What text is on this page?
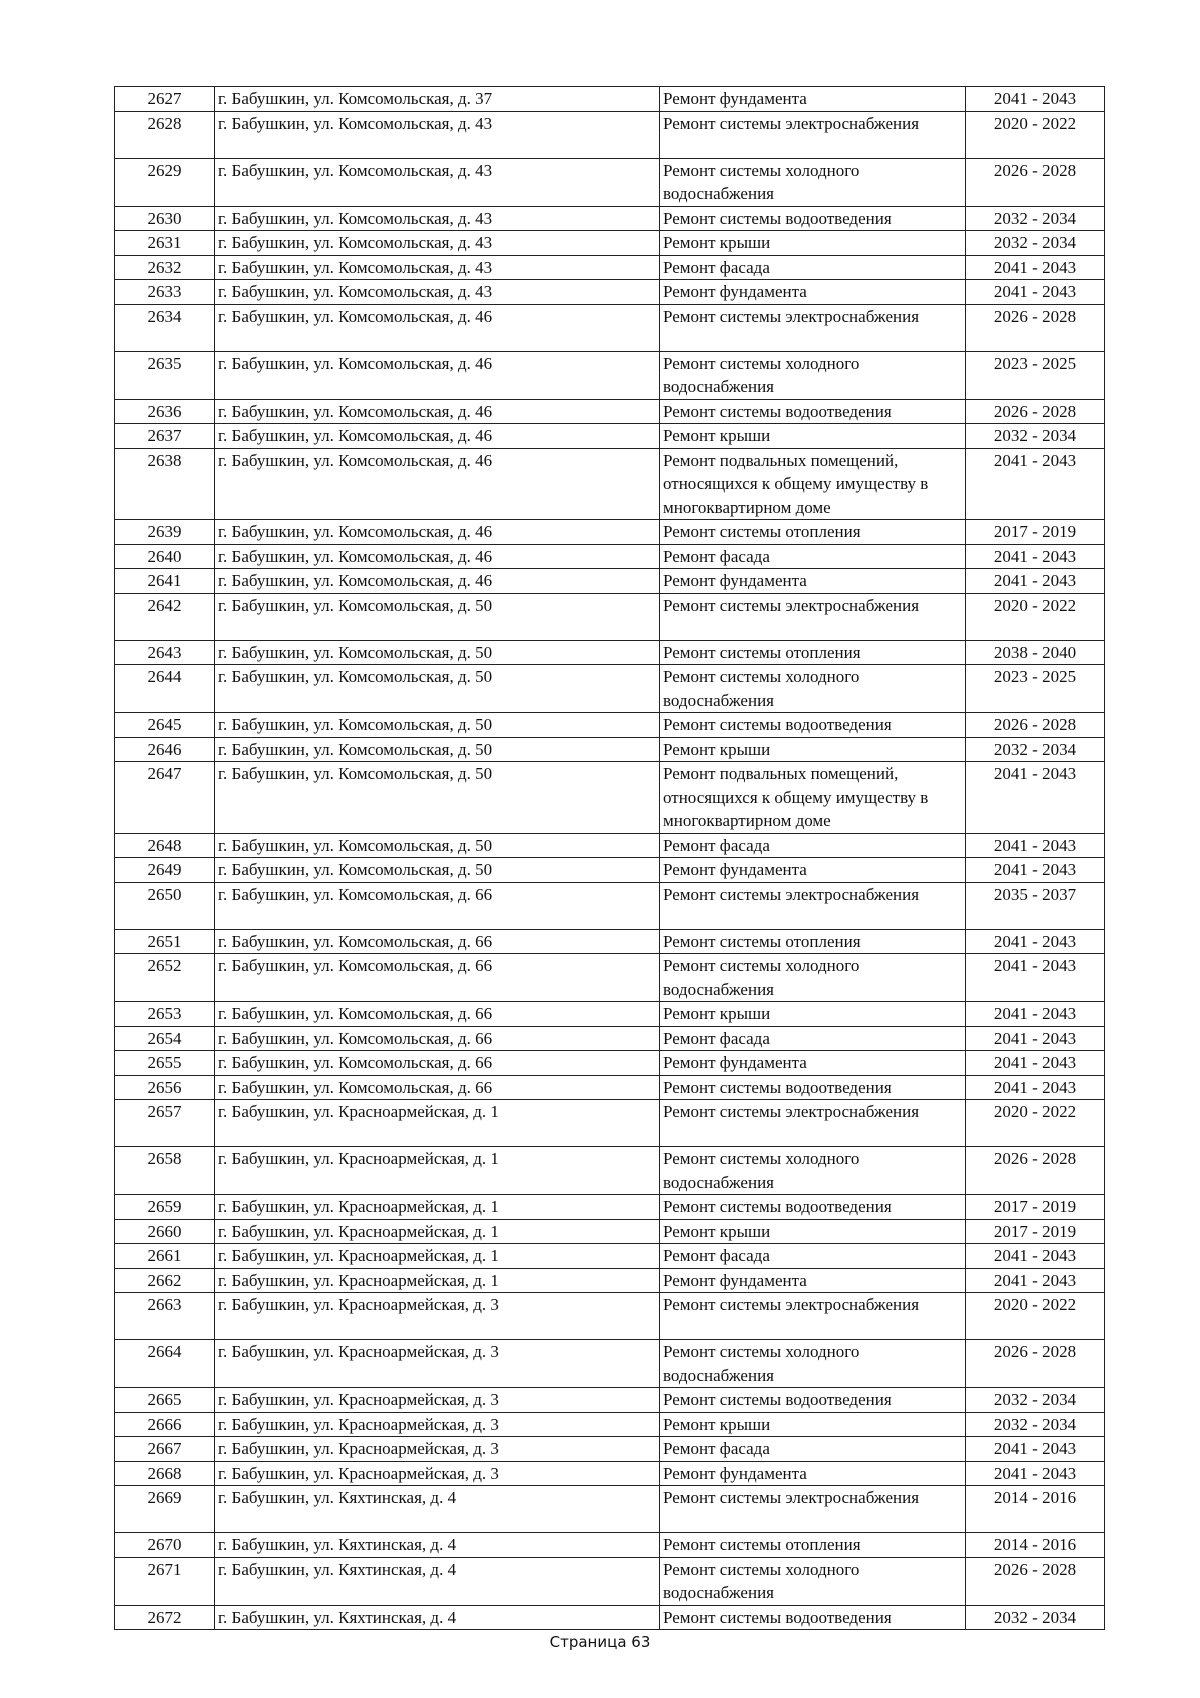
2627	г. Бабушкин, ул. Комсомольская, д. 37	Ремонт фундамента	2041 - 2043
2628	г. Бабушкин, ул. Комсомольская, д. 43	Ремонт системы электроснабжения	2020 - 2022
2629	г. Бабушкин, ул. Комсомольская, д. 43	Ремонт системы холодного водоснабжения	2026 - 2028
2630	г. Бабушкин, ул. Комсомольская, д. 43	Ремонт системы водоотведения	2032 - 2034
2631	г. Бабушкин, ул. Комсомольская, д. 43	Ремонт крыши	2032 - 2034
2632	г. Бабушкин, ул. Комсомольская, д. 43	Ремонт фасада	2041 - 2043
2633	г. Бабушкин, ул. Комсомольская, д. 43	Ремонт фундамента	2041 - 2043
2634	г. Бабушкин, ул. Комсомольская, д. 46	Ремонт системы электроснабжения	2026 - 2028
2635	г. Бабушкин, ул. Комсомольская, д. 46	Ремонт системы холодного водоснабжения	2023 - 2025
2636	г. Бабушкин, ул. Комсомольская, д. 46	Ремонт системы водоотведения	2026 - 2028
2637	г. Бабушкин, ул. Комсомольская, д. 46	Ремонт крыши	2032 - 2034
2638	г. Бабушкин, ул. Комсомольская, д. 46	Ремонт подвальных помещений, относящихся к общему имуществу в многоквартирном доме	2041 - 2043
2639	г. Бабушкин, ул. Комсомольская, д. 46	Ремонт системы отопления	2017 - 2019
2640	г. Бабушкин, ул. Комсомольская, д. 46	Ремонт фасада	2041 - 2043
2641	г. Бабушкин, ул. Комсомольская, д. 46	Ремонт фундамента	2041 - 2043
2642	г. Бабушкин, ул. Комсомольская, д. 50	Ремонт системы электроснабжения	2020 - 2022
2643	г. Бабушкин, ул. Комсомольская, д. 50	Ремонт системы отопления	2038 - 2040
2644	г. Бабушкин, ул. Комсомольская, д. 50	Ремонт системы холодного водоснабжения	2023 - 2025
2645	г. Бабушкин, ул. Комсомольская, д. 50	Ремонт системы водоотведения	2026 - 2028
2646	г. Бабушкин, ул. Комсомольская, д. 50	Ремонт крыши	2032 - 2034
2647	г. Бабушкин, ул. Комсомольская, д. 50	Ремонт подвальных помещений, относящихся к общему имуществу в многоквартирном доме	2041 - 2043
2648	г. Бабушкин, ул. Комсомольская, д. 50	Ремонт фасада	2041 - 2043
2649	г. Бабушкин, ул. Комсомольская, д. 50	Ремонт фундамента	2041 - 2043
2650	г. Бабушкин, ул. Комсомольская, д. 66	Ремонт системы электроснабжения	2035 - 2037
2651	г. Бабушкин, ул. Комсомольская, д. 66	Ремонт системы отопления	2041 - 2043
2652	г. Бабушкин, ул. Комсомольская, д. 66	Ремонт системы холодного водоснабжения	2041 - 2043
2653	г. Бабушкин, ул. Комсомольская, д. 66	Ремонт крыши	2041 - 2043
2654	г. Бабушкин, ул. Комсомольская, д. 66	Ремонт фасада	2041 - 2043
2655	г. Бабушкин, ул. Комсомольская, д. 66	Ремонт фундамента	2041 - 2043
2656	г. Бабушкин, ул. Комсомольская, д. 66	Ремонт системы водоотведения	2041 - 2043
2657	г. Бабушкин, ул. Красноармейская, д. 1	Ремонт системы электроснабжения	2020 - 2022
2658	г. Бабушкин, ул. Красноармейская, д. 1	Ремонт системы холодного водоснабжения	2026 - 2028
2659	г. Бабушкин, ул. Красноармейская, д. 1	Ремонт системы водоотведения	2017 - 2019
2660	г. Бабушкин, ул. Красноармейская, д. 1	Ремонт крыши	2017 - 2019
2661	г. Бабушкин, ул. Красноармейская, д. 1	Ремонт фасада	2041 - 2043
2662	г. Бабушкин, ул. Красноармейская, д. 1	Ремонт фундамента	2041 - 2043
2663	г. Бабушкин, ул. Красноармейская, д. 3	Ремонт системы электроснабжения	2020 - 2022
2664	г. Бабушкин, ул. Красноармейская, д. 3	Ремонт системы холодного водоснабжения	2026 - 2028
2665	г. Бабушкин, ул. Красноармейская, д. 3	Ремонт системы водоотведения	2032 - 2034
2666	г. Бабушкин, ул. Красноармейская, д. 3	Ремонт крыши	2032 - 2034
2667	г. Бабушкин, ул. Красноармейская, д. 3	Ремонт фасада	2041 - 2043
2668	г. Бабушкин, ул. Красноармейская, д. 3	Ремонт фундамента	2041 - 2043
2669	г. Бабушкин, ул. Кяхтинская, д. 4	Ремонт системы электроснабжения	2014 - 2016
2670	г. Бабушкин, ул. Кяхтинская, д. 4	Ремонт системы отопления	2014 - 2016
2671	г. Бабушкин, ул. Кяхтинская, д. 4	Ремонт системы холодного водоснабжения	2026 - 2028
2672	г. Бабушкин, ул. Кяхтинская, д. 4	Ремонт системы водоотведения	2032 - 2034
Страница 63
